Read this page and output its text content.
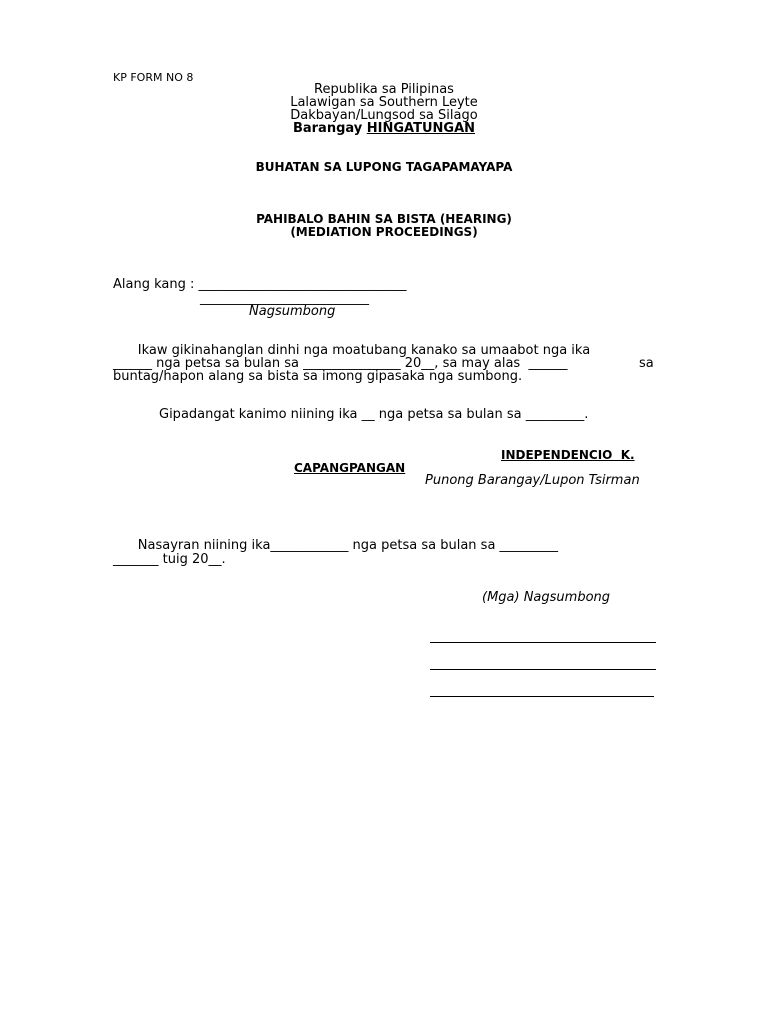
KP FORM NO 8
Republika sa Pilipinas
Lalawigan sa Southern Leyte
Dakbayan/Lungsod sa Silago
Barangay HINGATUNGAN
BUHATAN SA LUPONG TAGAPAMAYAPA
PAHIBALO BAHIN SA BISTA (HEARING)
(MEDIATION PROCEEDINGS)
Alang kang : ________________________________
__________________________
Nagsumbong
Ikaw gikinahanglan dinhi nga moatubang kanako sa umaabot nga ika
______ nga petsa sa bulan sa _______________ 20__, sa may alas  ______	sa
buntag/hapon alang sa bista sa imong gipasaka nga sumbong.
Gipadangat kanimo niining ika __ nga petsa sa bulan sa _________.
INDEPENDENCIO  K.
CAPANGPANGAN
Punong Barangay/Lupon Tsirman
Nasayran niining ika____________ nga petsa sa bulan sa _________
_______ tuig 20__.
(Mga) Nagsumbong
